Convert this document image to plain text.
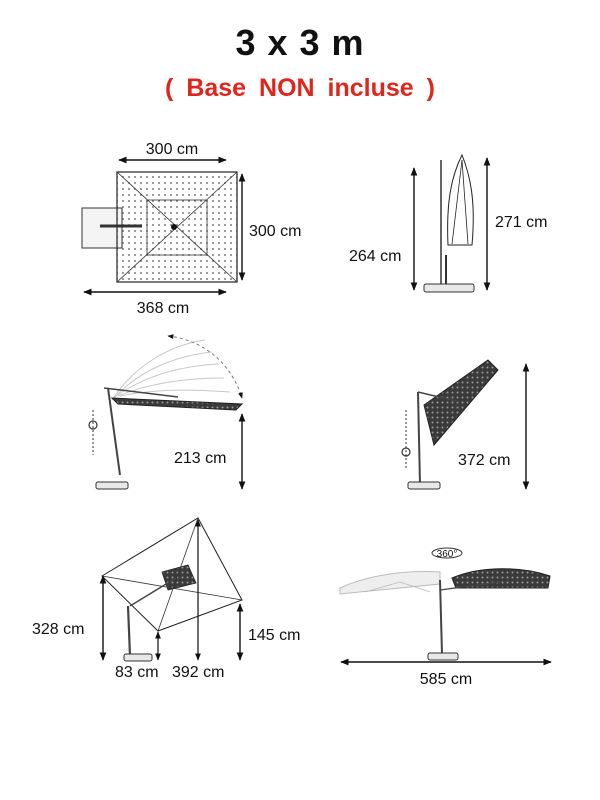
3 x 3 m
( Base NON incluse )
300 cm
300 cm
368 cm
264 cm
271 cm
213 cm	372 cm
328 cm	145 cm
83 cm 392 cm
360°
585 cm
